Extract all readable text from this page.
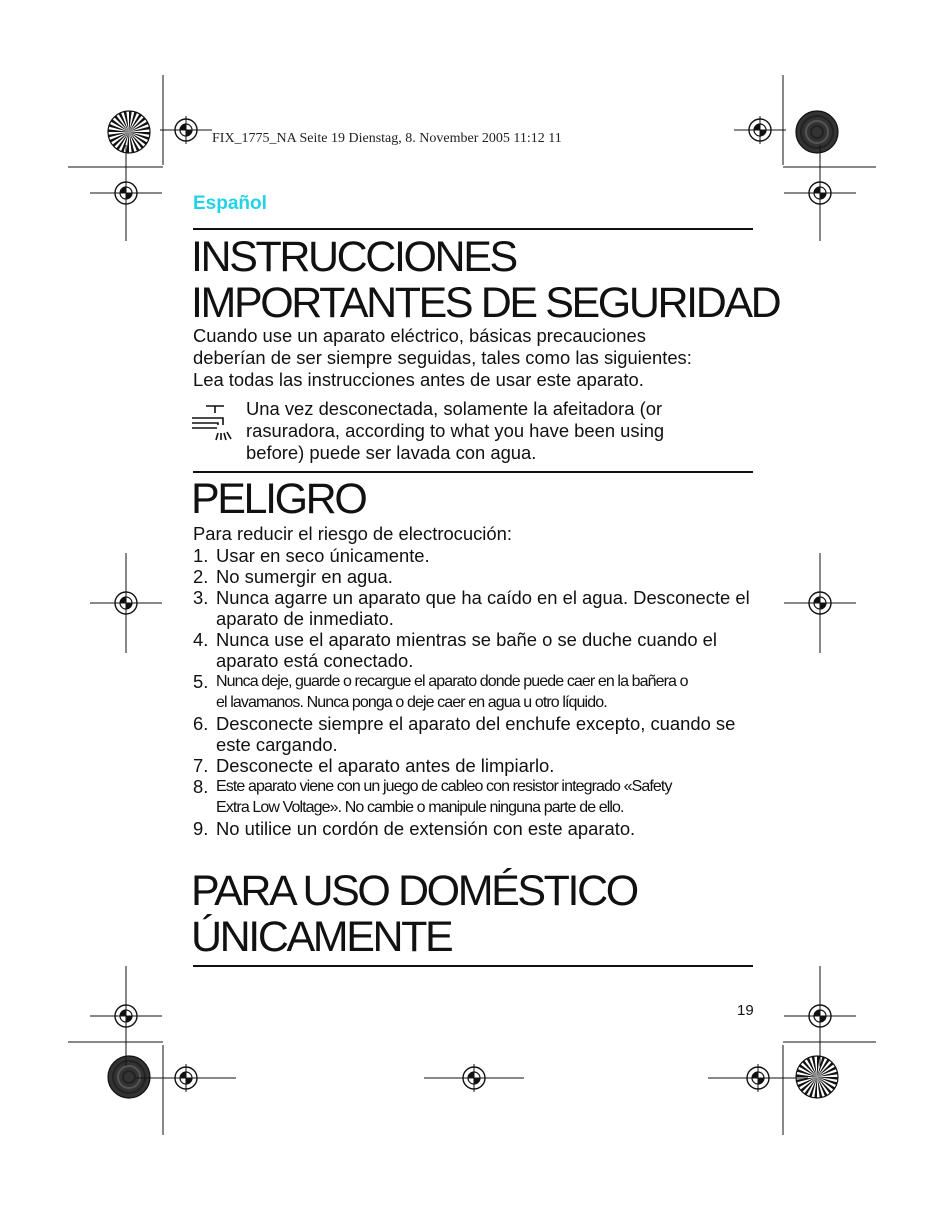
FIX_1775_NA Seite 19 Dienstag, 8. November 2005 11:12 11
Español
INSTRUCCIONES
IMPORTANTES DE SEGURIDAD

Cuando use un aparato eléctrico, básicas precauciones
deberían de ser siempre seguidas, tales como las siguientes:
Lea todas las instrucciones antes de usar este aparato.

Una vez desconectada, solamente la afeitadora (or
rasuradora, according to what you have been using
before) puede ser lavada con agua.
PELIGRO

Para reducir el riesgo de electrocución:

1. Usar en seco únicamente.
2. No sumergir en agua.
3. Nunca agarre un aparato que ha caído en el agua. Desconecte el
aparato de inmediato.
4. Nunca use el aparato mientras se bañe o se duche cuando el
aparato está conectado.
5. Nunca deje, guarde o recargue el aparato donde puede caer en la bañera o
el lavamanos. Nunca ponga o deje caer en agua u otro líquido.
6. Desconecte siempre el aparato del enchufe excepto, cuando se
este cargando.
7. Desconecte el aparato antes de limpiarlo.
8. Este aparato viene con un juego de cableo con resistor integrado «Safety
Extra Low Voltage». No cambie o manipule ninguna parte de ello.
9. No utilice un cordón de extensión con este aparato.
PARA USO DOMÉSTICO
ÚNICAMENTE
19
